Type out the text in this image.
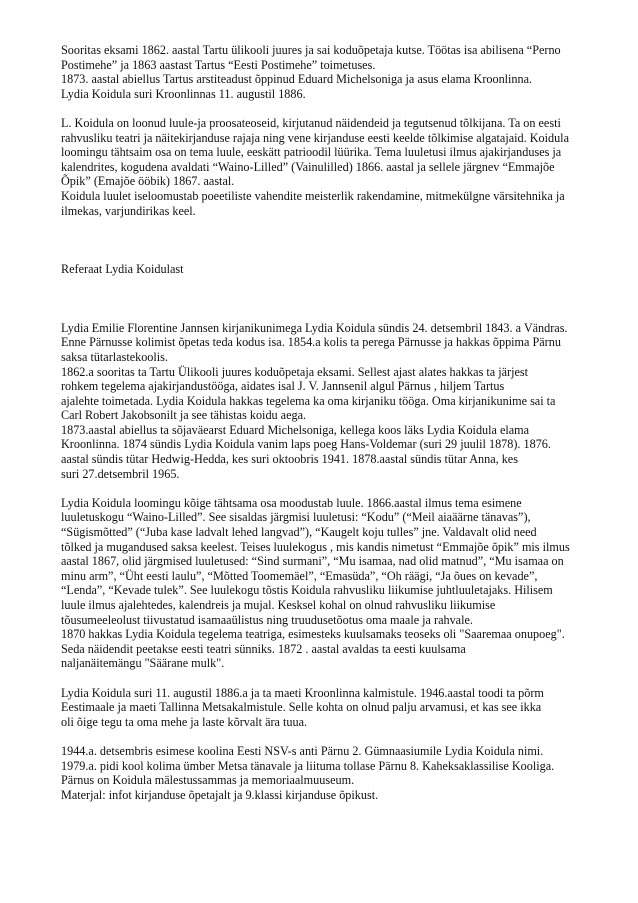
Sooritas eksami 1862. aastal Tartu ülikooli juures ja sai koduõpetaja kutse. Töötas isa abilisena “Perno
Postimehe” ja 1863 aastast Tartus “Eesti Postimehe” toimetuses.
1873. aastal abiellus Tartus arstiteadust õppinud Eduard Michelsoniga ja asus elama Kroonlinna.
Lydia Koidula suri Kroonlinnas 11. augustil 1886.
L. Koidula on loonud luule-ja proosateoseid, kirjutanud näidendeid ja tegutsenud tõlkijana. Ta on eesti
rahvusliku teatri ja näitekirjanduse rajaja ning vene kirjanduse eesti keelde tõlkimise algatajaid. Koidula
loomingu tähtsaim osa on tema luule, eeskätt patrioodil lüürika. Tema luuletusi ilmus ajakirjanduses ja
kalendrites, kogudena avaldati “Waino-Lilled” (Vainulilled) 1866. aastal ja sellele järgnev “Emmajõe
Õpik” (Emajõe ööbik) 1867. aastal.
Koidula luulet iseloomustab poeetiliste vahendite meisterlik rakendamine, mitmekülgne värsitehnika ja
ilmekas, varjundirikas keel.
Referaat Lydia Koidulast
Lydia Emilie Florentine Jannsen kirjanikunimega Lydia Koidula sündis 24. detsembril 1843. a Vändras.
Enne Pärnusse kolimist õpetas teda kodus isa. 1854.a kolis ta perega Pärnusse ja hakkas õppima Pärnu
saksa tütarlastekoolis.
1862.a sooritas ta Tartu Ülikooli juures koduõpetaja eksami. Sellest ajast alates hakkas ta järjest
rohkem tegelema ajakirjandustööga, aidates isal J. V. Jannsenil algul Pärnus , hiljem Tartus
ajalehte toimetada. Lydia Koidula hakkas tegelema ka oma kirjaniku tööga. Oma kirjanikunime sai ta
Carl Robert Jakobsonilt ja see tähistas koidu aega.
1873.aastal abiellus ta sõjaväearst Eduard Michelsoniga, kellega koos läks Lydia Koidula elama
Kroonlinna. 1874 sündis Lydia Koidula vanim laps poeg Hans-Voldemar (suri 29 juulil 1878). 1876.
aastal sündis tütar Hedwig-Hedda, kes suri oktoobris 1941. 1878.aastal sündis tütar Anna, kes
suri 27.detsembril 1965.
Lydia Koidula loomingu kõige tähtsama osa moodustab luule. 1866.aastal ilmus tema esimene
luuletuskogu “Waino-Lilled”. See sisaldas järgmisi luuletusi: “Kodu” (“Meil aiaäärne tänavas”),
“Sügismõtted” (“Juba kase ladvalt lehed langvad”), “Kaugelt koju tulles” jne. Valdavalt olid need
tõlked ja mugandused saksa keelest. Teises luulekogus , mis kandis nimetust “Emmajõe õpik” mis ilmus
aastal 1867, olid järgmised luuletused: “Sind surmani”, “Mu isamaa, nad olid matnud”, “Mu isamaa on
minu arm”, “Üht eesti laulu”, “Mõtted Toomemäel”, “Emasüda”, “Oh räägi, “Ja õues on kevade”,
“Lenda”, “Kevade tulek”. See luulekogu tõstis Koidula rahvusliku liikumise juhtluuletajaks. Hilisem
luule ilmus ajalehtedes, kalendreis ja mujal. Kesksel kohal on olnud rahvusliku liikumise
tõusumeeleolust tiivustatud isamaaülistus ning truudusetõotus oma maale ja rahvale.
1870 hakkas Lydia Koidula tegelema teatriga, esimesteks kuulsamaks teoseks oli "Saaremaa onupoeg".
Seda näidendit peetakse eesti teatri sünniks. 1872 . aastal avaldas ta eesti kuulsama
naljanäitemängu "Säärane mulk".
Lydia Koidula suri 11. augustil 1886.a ja ta maeti Kroonlinna kalmistule. 1946.aastal toodi ta põrm
Eestimaale ja maeti Tallinna Metsakalmistule. Selle kohta on olnud palju arvamusi, et kas see ikka
oli õige tegu ta oma mehe ja laste kõrvalt ära tuua.
1944.a. detsembris esimese koolina Eesti NSV-s anti Pärnu 2. Gümnaasiumile Lydia Koidula nimi.
1979.a. pidi kool kolima ümber Metsa tänavale ja liituma tollase Pärnu 8. Kaheksaklassilise Kooliga.
Pärnus on Koidula mälestussammas ja memoriaalmuuseum.
Materjal: infot kirjanduse õpetajalt ja 9.klassi kirjanduse õpikust.
